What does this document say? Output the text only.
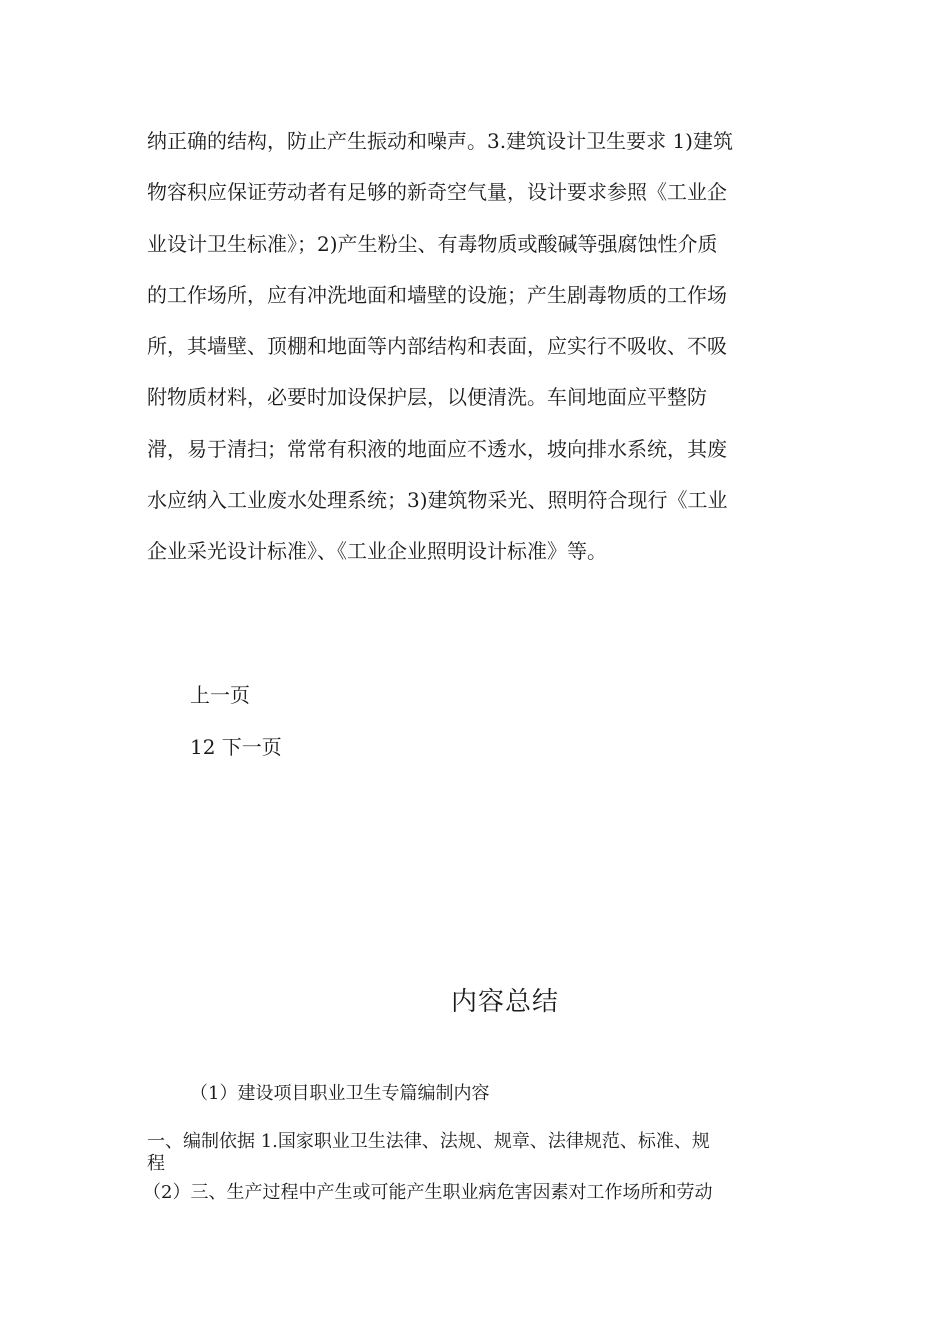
纳正确的结构，防止产生振动和噪声。3.建筑设计卫生要求 1)建筑
物容积应保证劳动者有足够的新奇空气量，设计要求参照《工业企
业设计卫生标准》；2)产生粉尘、有毒物质或酸碱等强腐蚀性介质
的工作场所，应有冲洗地面和墙壁的设施；产生剧毒物质的工作场
所，其墙壁、顶棚和地面等内部结构和表面，应实行不吸收、不吸
附物质材料，必要时加设保护层，以便清洗。车间地面应平整防
滑，易于清扫；常常有积液的地面应不透水，坡向排水系统，其废
水应纳入工业废水处理系统；3)建筑物采光、照明符合现行《工业
企业采光设计标准》、《工业企业照明设计标准》等。
上一页
12 下一页
内容总结
（1）建设项目职业卫生专篇编制内容
一、编制依据 1.国家职业卫生法律、法规、规章、法律规范、标准、规
程
（2）三、生产过程中产生或可能产生职业病危害因素对工作场所和劳动
